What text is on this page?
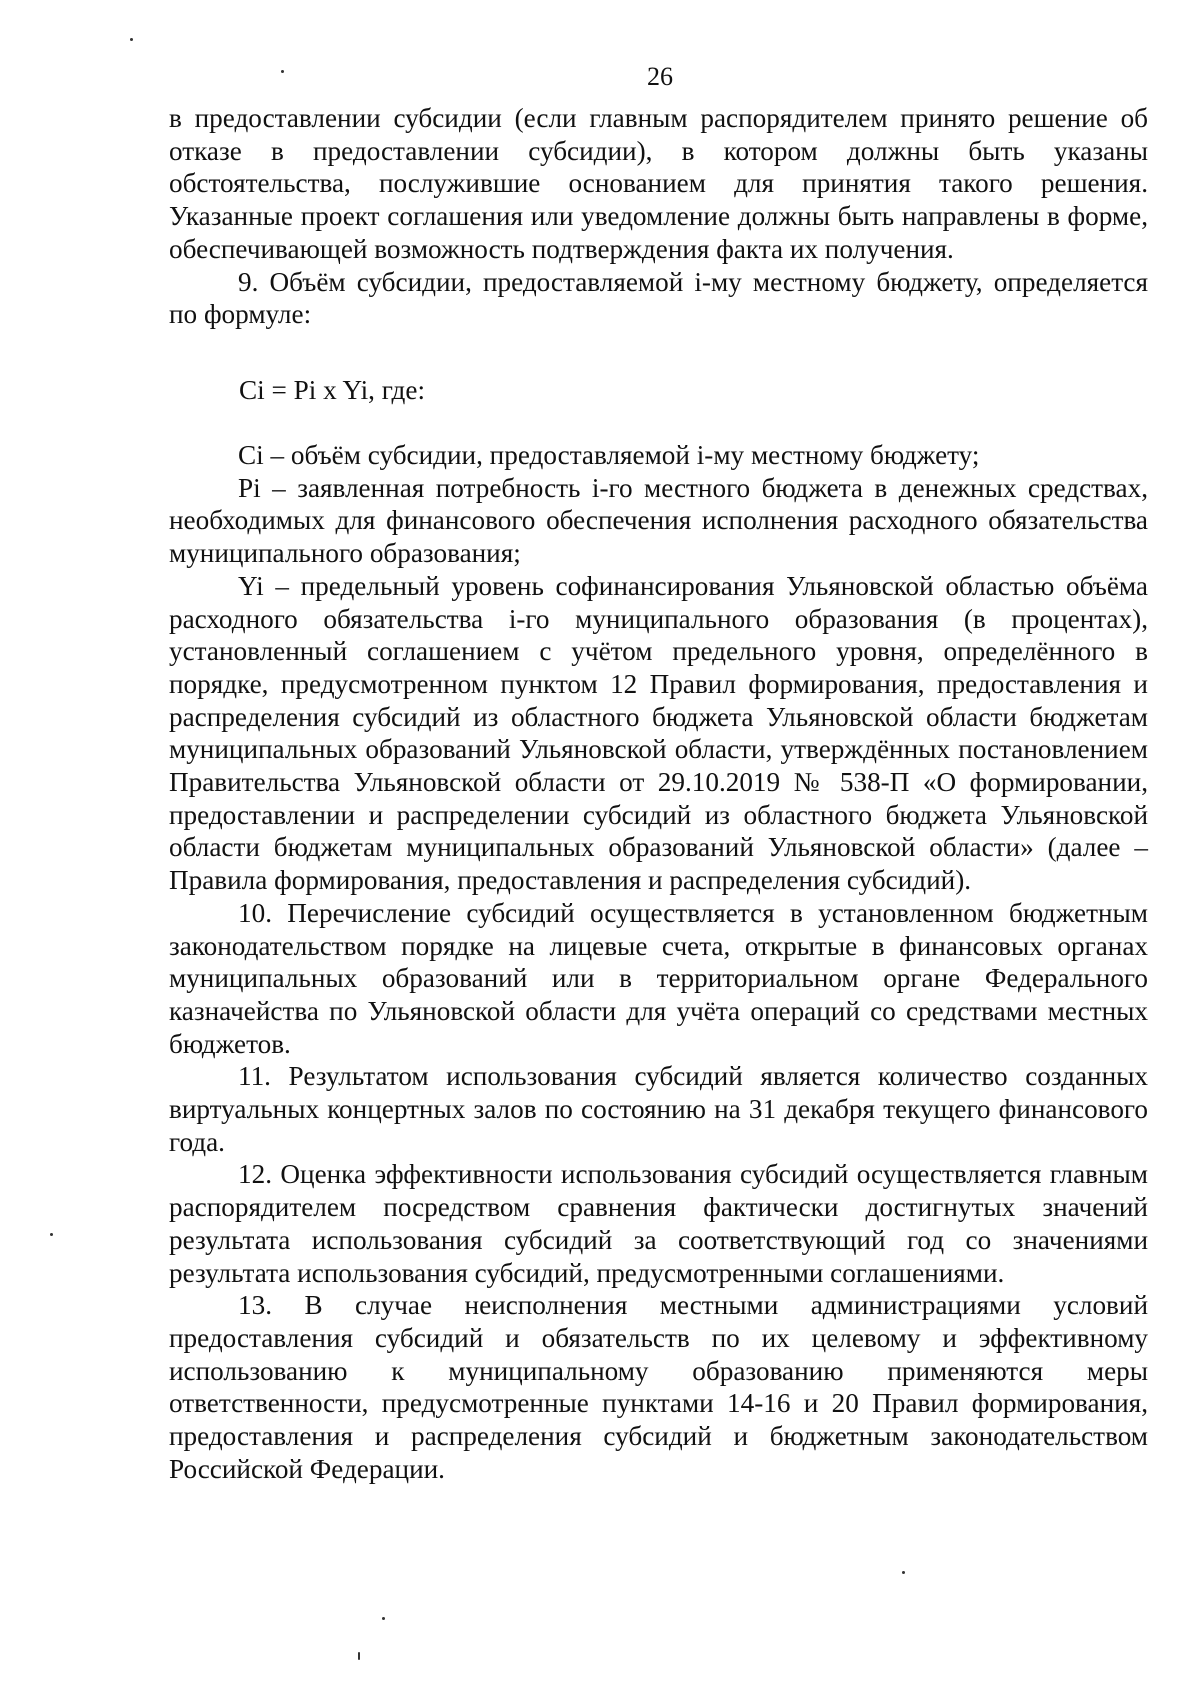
26

в предоставлении субсидии (если главным распорядителем принято решение об отказе в предоставлении субсидии), в котором должны быть указаны обстоятельства, послужившие основанием для принятия такого решения. Указанные проект соглашения или уведомление должны быть направлены в форме, обеспечивающей возможность подтверждения факта их получения.

9. Объём субсидии, предоставляемой i-му местному бюджету, определяется по формуле:

Ci = Pi x Yi, где:

Ci – объём субсидии, предоставляемой i-му местному бюджету;

Pi – заявленная потребность i-го местного бюджета в денежных средствах, необходимых для финансового обеспечения исполнения расходного обязательства муниципального образования;

Yi – предельный уровень софинансирования Ульяновской областью объёма расходного обязательства i-го муниципального образования (в процентах), установленный соглашением с учётом предельного уровня, определённого в порядке, предусмотренном пунктом 12 Правил формирования, предоставления и распределения субсидий из областного бюджета Ульяновской области бюджетам муниципальных образований Ульяновской области, утверждённых постановлением Правительства Ульяновской области от 29.10.2019 № 538-П «О формировании, предоставлении и распределении субсидий из областного бюджета Ульяновской области бюджетам муниципальных образований Ульяновской области» (далее – Правила формирования, предоставления и распределения субсидий).

10. Перечисление субсидий осуществляется в установленном бюджетным законодательством порядке на лицевые счета, открытые в финансовых органах муниципальных образований или в территориальном органе Федерального казначейства по Ульяновской области для учёта операций со средствами местных бюджетов.

11. Результатом использования субсидий является количество созданных виртуальных концертных залов по состоянию на 31 декабря текущего финансового года.

12. Оценка эффективности использования субсидий осуществляется главным распорядителем посредством сравнения фактически достигнутых значений результата использования субсидий за соответствующий год со значениями результата использования субсидий, предусмотренными соглашениями.

13. В случае неисполнения местными администрациями условий предоставления субсидий и обязательств по их целевому и эффективному использованию к муниципальному образованию применяются меры ответственности, предусмотренные пунктами 14-16 и 20 Правил формирования, предоставления и распределения субсидий и бюджетным законодательством Российской Федерации.
